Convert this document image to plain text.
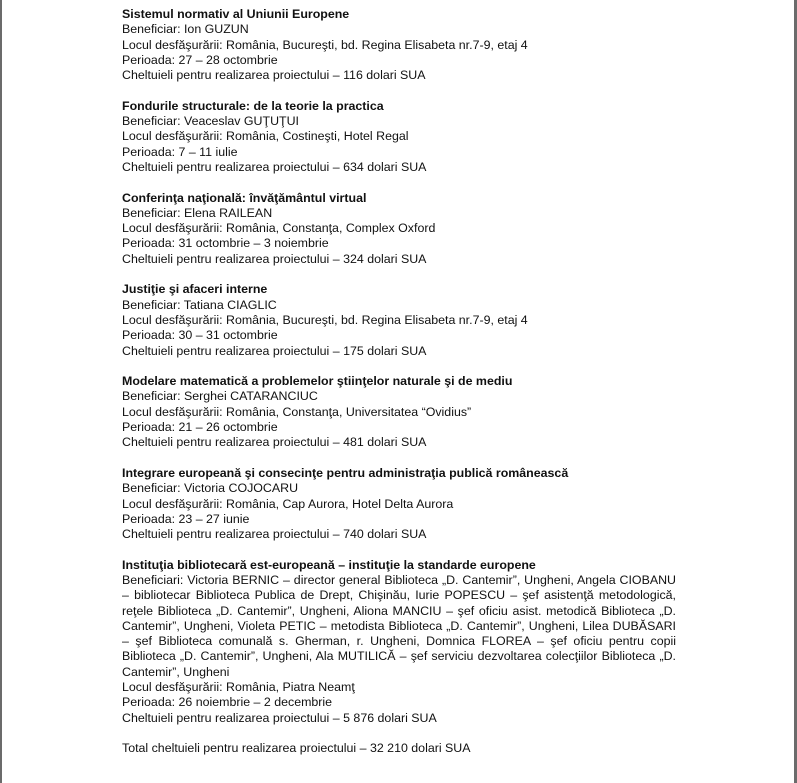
Sistemul normativ al Uniunii Europene
Beneficiar: Ion GUZUN
Locul desfăşurării: România, Bucureşti, bd. Regina Elisabeta nr.7-9, etaj 4
Perioada: 27 – 28 octombrie
Cheltuieli pentru realizarea proiectului – 116 dolari SUA
Fondurile structurale: de la teorie la practica
Beneficiar: Veaceslav GUŢUŢUI
Locul desfăşurării: România, Costineşti, Hotel Regal
Perioada: 7 – 11 iulie
Cheltuieli pentru realizarea proiectului – 634 dolari SUA
Conferinţa naţională: învăţământul virtual
Beneficiar: Elena RAILEAN
Locul desfăşurării: România, Constanţa, Complex Oxford
Perioada: 31 octombrie – 3 noiembrie
Cheltuieli pentru realizarea proiectului – 324 dolari SUA
Justiţie şi afaceri interne
Beneficiar: Tatiana CIAGLIC
Locul desfăşurării: România, Bucureşti, bd. Regina Elisabeta nr.7-9, etaj 4
Perioada: 30 – 31 octombrie
Cheltuieli pentru realizarea proiectului – 175 dolari SUA
Modelare matematică a problemelor ştiinţelor naturale şi de mediu
Beneficiar: Serghei CATARANCIUC
Locul desfăşurării: România, Constanţa, Universitatea “Ovidius”
Perioada: 21 – 26 octombrie
Cheltuieli pentru realizarea proiectului – 481 dolari SUA
Integrare europeană şi consecinţe pentru administraţia publică românească
Beneficiar: Victoria COJOCARU
Locul desfăşurării: România, Cap Aurora, Hotel Delta Aurora
Perioada: 23 – 27 iunie
Cheltuieli pentru realizarea proiectului – 740 dolari SUA
Instituţia bibliotecară est-europeană – instituţie la standarde europene
Beneficiari: Victoria BERNIC – director general Biblioteca „D. Cantemir”, Ungheni, Angela CIOBANU – bibliotecar Biblioteca Publica de Drept, Chişinău, Iurie POPESCU – şef asistenţă metodologică, reţele Biblioteca „D. Cantemir”, Ungheni, Aliona MANCIU – şef oficiu asist. metodică Biblioteca „D. Cantemir”, Ungheni, Violeta PETIC – metodista Biblioteca „D. Cantemir”, Ungheni, Lilea DUBĂSARI – şef Biblioteca comunală s. Gherman, r. Ungheni, Domnica FLOREA – şef oficiu pentru copii Biblioteca „D. Cantemir”, Ungheni, Ala MUTILICĂ – şef serviciu dezvoltarea colecţiilor Biblioteca „D. Cantemir”, Ungheni
Locul desfăşurării: România, Piatra Neamţ
Perioada: 26 noiembrie – 2 decembrie
Cheltuieli pentru realizarea proiectului – 5 876 dolari SUA
Total cheltuieli pentru realizarea proiectului – 32 210 dolari SUA
